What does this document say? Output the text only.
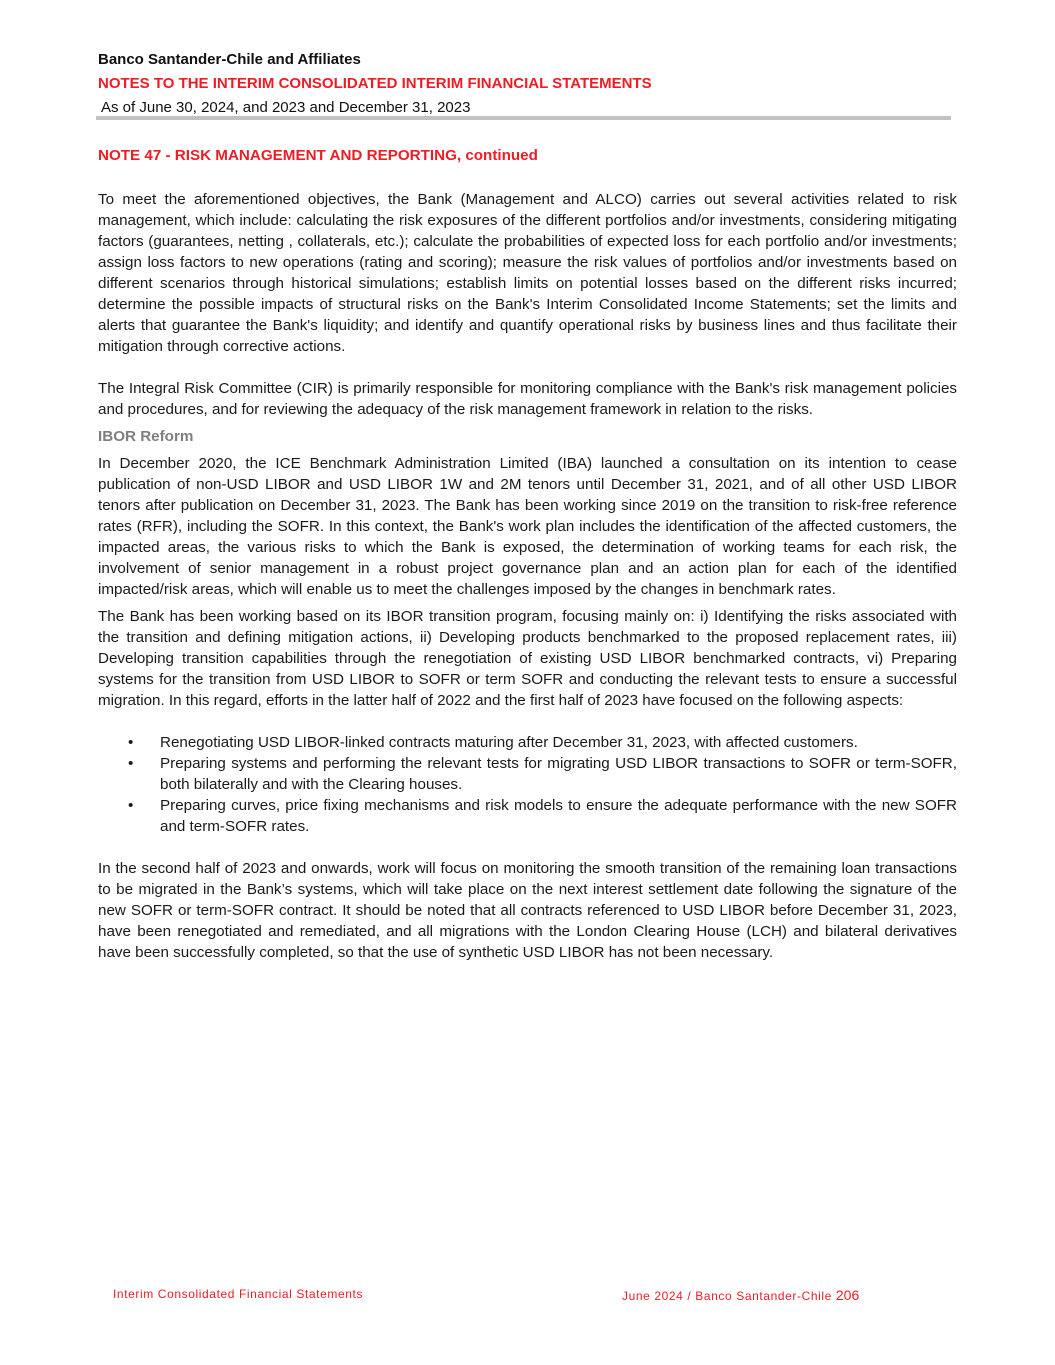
Banco Santander-Chile and Affiliates

NOTES TO THE INTERIM CONSOLIDATED INTERIM FINANCIAL STATEMENTS

As of June 30, 2024, and 2023 and December 31, 2023

NOTE 47 - RISK MANAGEMENT AND REPORTING, continued

To meet the aforementioned objectives, the Bank (Management and ALCO) carries out several activities related to risk management, which include: calculating the risk exposures of the different portfolios and/or investments, considering mitigating factors (guarantees, netting , collaterals, etc.); calculate the probabilities of expected loss for each portfolio and/or investments; assign loss factors to new operations (rating and scoring); measure the risk values of portfolios and/or investments based on different scenarios through historical simulations; establish limits on potential losses based on the different risks incurred; determine the possible impacts of structural risks on the Bank's Interim Consolidated Income Statements; set the limits and alerts that guarantee the Bank's liquidity; and identify and quantify operational risks by business lines and thus facilitate their mitigation through corrective actions.

The Integral Risk Committee (CIR) is primarily responsible for monitoring compliance with the Bank's risk management policies and procedures, and for reviewing the adequacy of the risk management framework in relation to the risks.

IBOR Reform

In December 2020, the ICE Benchmark Administration Limited (IBA) launched a consultation on its intention to cease publication of non-USD LIBOR and USD LIBOR 1W and 2M tenors until December 31, 2021, and of all other USD LIBOR tenors after publication on December 31, 2023. The Bank has been working since 2019 on the transition to risk-free reference rates (RFR), including the SOFR. In this context, the Bank's work plan includes the identification of the affected customers, the impacted areas, the various risks to which the Bank is exposed, the determination of working teams for each risk, the involvement of senior management in a robust project governance plan and an action plan for each of the identified impacted/risk areas, which will enable us to meet the challenges imposed by the changes in benchmark rates.

The Bank has been working based on its IBOR transition program, focusing mainly on: i) Identifying the risks associated with the transition and defining mitigation actions, ii) Developing products benchmarked to the proposed replacement rates, iii) Developing transition capabilities through the renegotiation of existing USD LIBOR benchmarked contracts, vi) Preparing systems for the transition from USD LIBOR to SOFR or term SOFR and conducting the relevant tests to ensure a successful migration. In this regard, efforts in the latter half of 2022 and the first half of 2023 have focused on the following aspects:

• Renegotiating USD LIBOR-linked contracts maturing after December 31, 2023, with affected customers.
• Preparing systems and performing the relevant tests for migrating USD LIBOR transactions to SOFR or term-SOFR, both bilaterally and with the Clearing houses.
• Preparing curves, price fixing mechanisms and risk models to ensure the adequate performance with the new SOFR and term-SOFR rates.

In the second half of 2023 and onwards, work will focus on monitoring the smooth transition of the remaining loan transactions to be migrated in the Bank’s systems, which will take place on the next interest settlement date following the signature of the new SOFR or term-SOFR contract. It should be noted that all contracts referenced to USD LIBOR before December 31, 2023, have been renegotiated and remediated, and all migrations with the London Clearing House (LCH) and bilateral derivatives have been successfully completed, so that the use of synthetic USD LIBOR has not been necessary.

Interim Consolidated Financial Statements	June 2024 / Banco Santander-Chile 206
